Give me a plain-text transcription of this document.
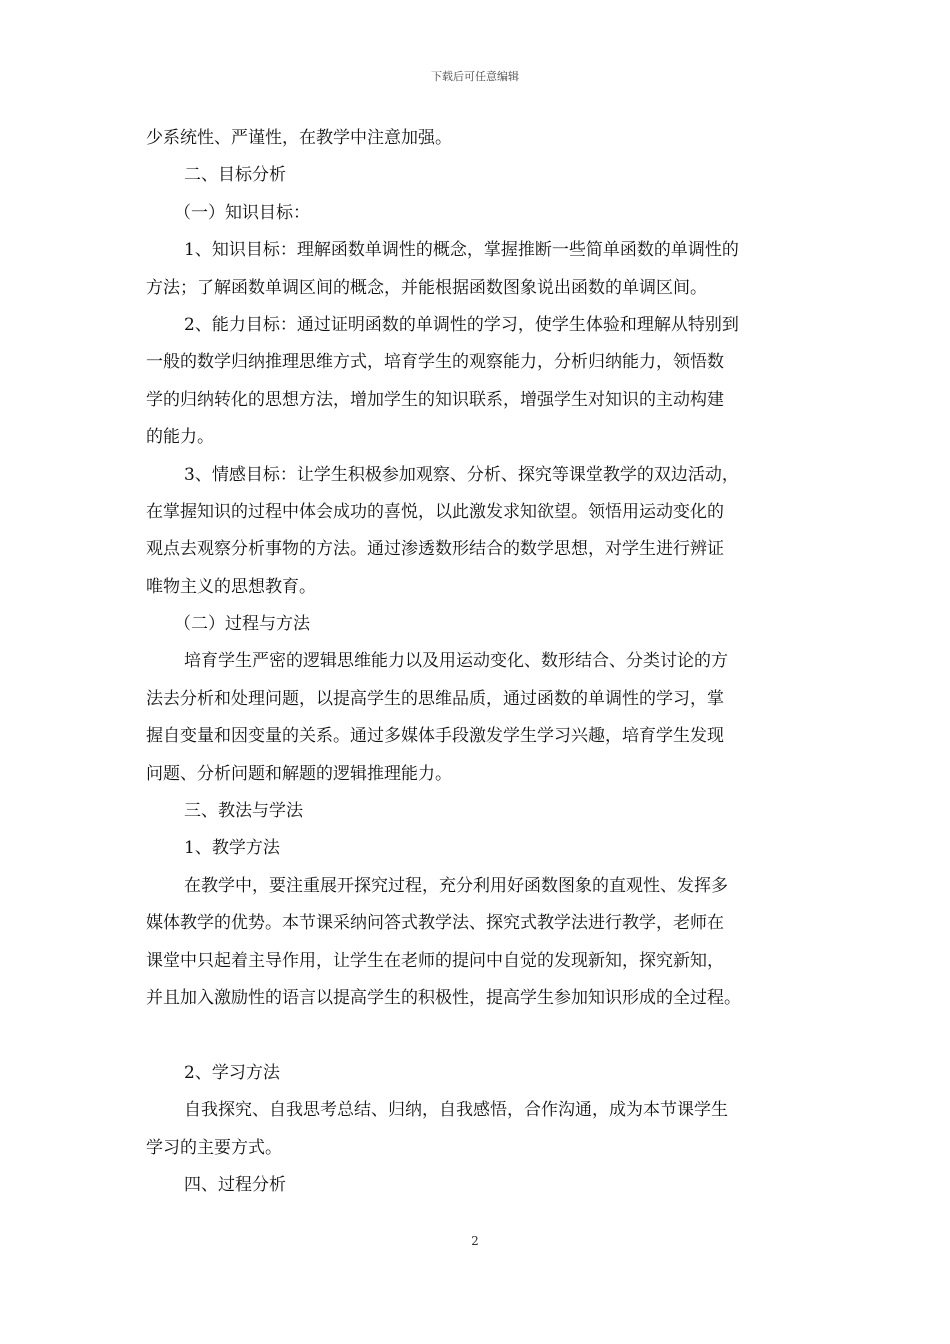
下载后可任意编辑
少系统性、严谨性，在教学中注意加强。
二、目标分析
（一）知识目标：
1、知识目标：理解函数单调性的概念，掌握推断一些简单函数的单调性的
方法；了解函数单调区间的概念，并能根据函数图象说出函数的单调区间。
2、能力目标：通过证明函数的单调性的学习，使学生体验和理解从特别到
一般的数学归纳推理思维方式，培育学生的观察能力，分析归纳能力，领悟数
学的归纳转化的思想方法，增加学生的知识联系，增强学生对知识的主动构建
的能力。
3、情感目标：让学生积极参加观察、分析、探究等课堂教学的双边活动，
在掌握知识的过程中体会成功的喜悦，以此激发求知欲望。领悟用运动变化的
观点去观察分析事物的方法。通过渗透数形结合的数学思想，对学生进行辨证
唯物主义的思想教育。
（二）过程与方法
培育学生严密的逻辑思维能力以及用运动变化、数形结合、分类讨论的方
法去分析和处理问题，以提高学生的思维品质，通过函数的单调性的学习，掌
握自变量和因变量的关系。通过多媒体手段激发学生学习兴趣，培育学生发现
问题、分析问题和解题的逻辑推理能力。
三、教法与学法
1、教学方法
在教学中，要注重展开探究过程，充分利用好函数图象的直观性、发挥多
媒体教学的优势。本节课采纳问答式教学法、探究式教学法进行教学，老师在
课堂中只起着主导作用，让学生在老师的提问中自觉的发现新知，探究新知，
并且加入激励性的语言以提高学生的积极性，提高学生参加知识形成的全过程。
2、学习方法
自我探究、自我思考总结、归纳，自我感悟，合作沟通，成为本节课学生
学习的主要方式。
四、过程分析
2
